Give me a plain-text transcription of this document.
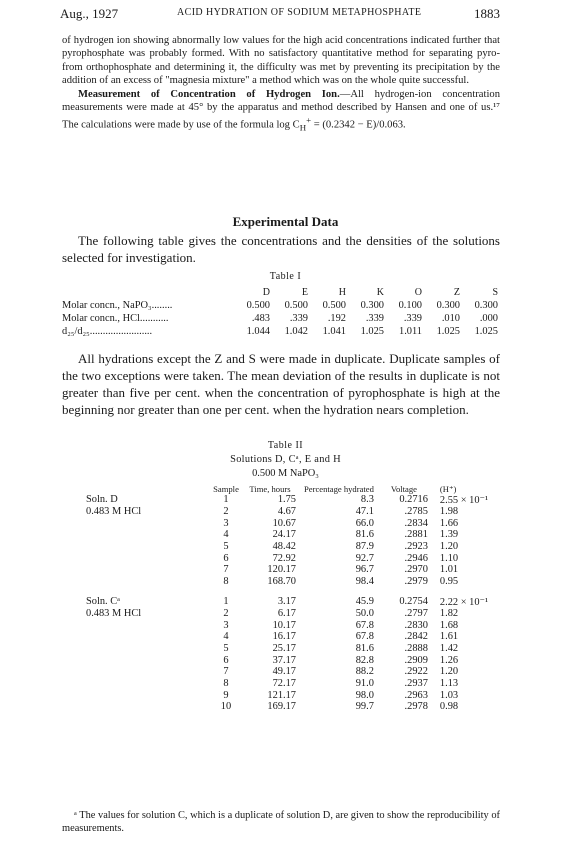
Aug., 1927	ACID HYDRATION OF SODIUM METAPHOSPHATE	1883

of hydrogen ion showing abnormally low values for the high acid concentrations indicated further that pyrophosphate was probably formed. With no satisfactory quantitative method for separating pyro- from orthophosphate and determining it, the difficulty was met by preventing its precipitation by the addition of an excess of "magnesia mixture" a method which was on the whole quite successful.

Measurement of Concentration of Hydrogen Ion.—All hydrogen-ion concentration measurements were made at 45° by the apparatus and method described by Hansen and one of us.¹⁷ The calculations were made by use of the formula $\log C_H^+ = (0.2342 - E)/0.063$.

Experimental Data

The following table gives the concentrations and the densities of the solutions selected for investigation.

Table I
	D	E	H	K	O	Z	S
Molar concn., NaPO₃........	0.500	0.500	0.500	0.300	0.100	0.300	0.300
Molar concn., HCl...........	.483	.339	.192	.339	.339	.010	.000
d₂₅/d₂₅........................	1.044	1.042	1.041	1.025	1.011	1.025	1.025

All hydrations except the Z and S were made in duplicate. Duplicate samples of the two exceptions were taken. The mean deviation of the results in duplicate is not greater than five per cent. when the concentration of pyrophosphate is high at the beginning nor greater than one per cent. when the hydration nears completion.

Table II
Solutions D, Cᵃ, E and H
0.500 M NaPO₃
	Sample	Time, hours	Percentage hydrated	Voltage	(H⁺)
Soln. D	1	1.75	8.3	0.2716	2.55 × 10⁻¹
0.483 M HCl	2	4.67	47.1	.2785	1.98
	3	10.67	66.0	.2834	1.66
	4	24.17	81.6	.2881	1.39
	5	48.42	87.9	.2923	1.20
	6	72.92	92.7	.2946	1.10
	7	120.17	96.7	.2970	1.01
	8	168.70	98.4	.2979	0.95

Soln. Cᵃ	1	3.17	45.9	0.2754	2.22 × 10⁻¹
0.483 M HCl	2	6.17	50.0	.2797	1.82
	3	10.17	67.8	.2830	1.68
	4	16.17	67.8	.2842	1.61
	5	25.17	81.6	.2888	1.42
	6	37.17	82.8	.2909	1.26
	7	49.17	88.2	.2922	1.20
	8	72.17	91.0	.2937	1.13
	9	121.17	98.0	.2963	1.03
	10	169.17	99.7	.2978	0.98
ᵃ The values for solution C, which is a duplicate of solution D, are given to show the reproducibility of measurements.
